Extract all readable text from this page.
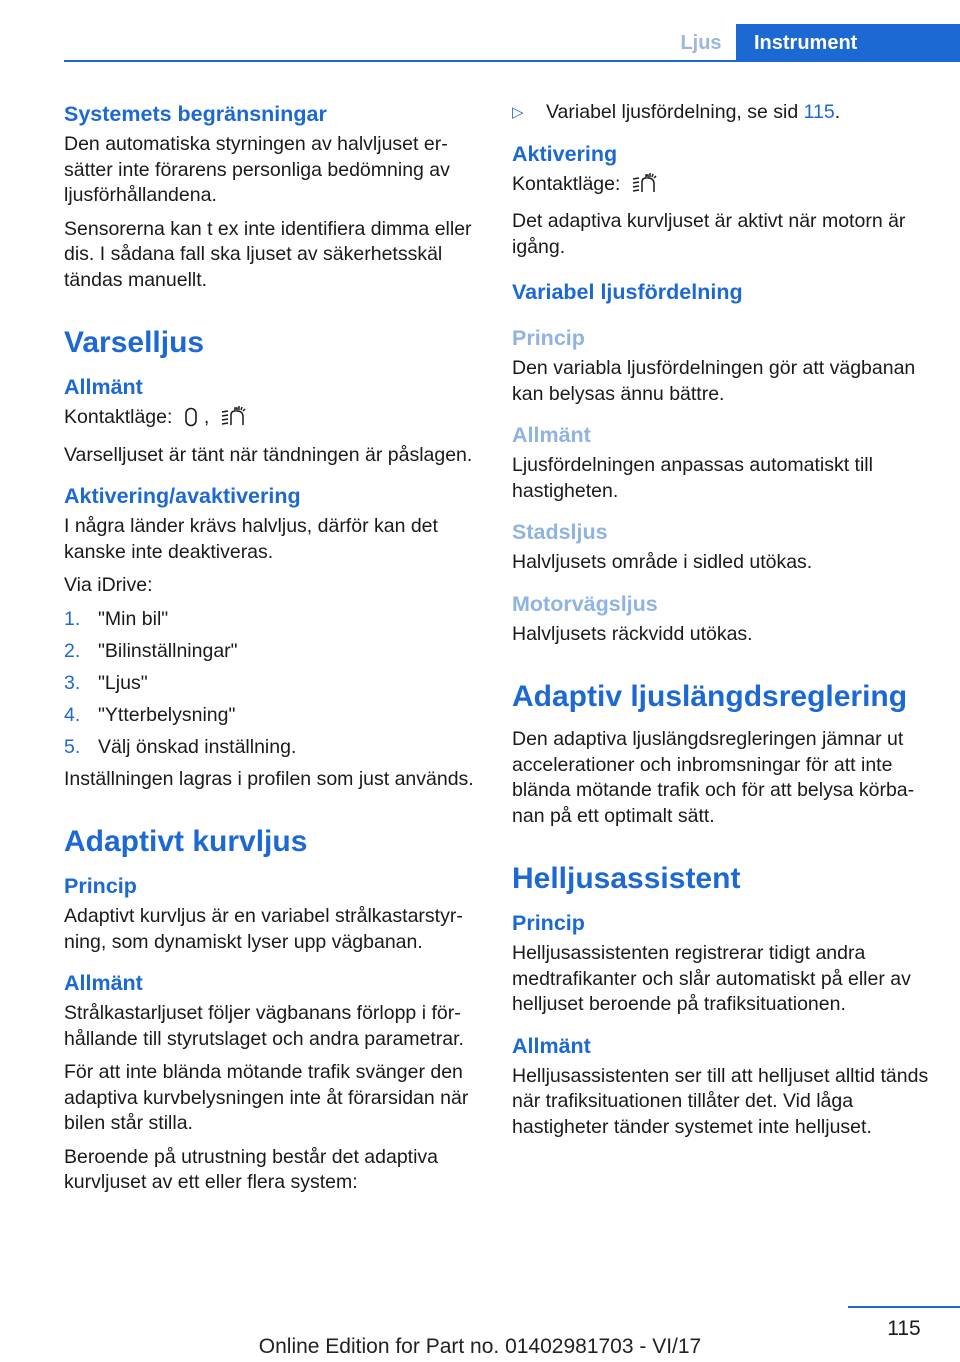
Ljus	Instrument
Systemets begränsningar

Den automatiska styrningen av halvljuset ersätter inte förarens personliga bedömning av ljusförhållandena.

Sensorerna kan t ex inte identifiera dimma eller dis. I sådana fall ska ljuset av säkerhetsskäl tändas manuellt.

Varselljus
Allmänt

Kontaktläge: ,

Varselljuset är tänt när tändningen är påslagen.

Aktivering/avaktivering

I några länder krävs halvljus, därför kan det kanske inte deaktiveras.

Via iDrive:

1. "Min bil"
2. "Bilinställningar"
3. "Ljus"
4. "Ytterbelysning"
5. Välj önskad inställning.

Inställningen lagras i profilen som just används.

Adaptivt kurvljus
Princip

Adaptivt kurvljus är en variabel strålkastarstyrning, som dynamiskt lyser upp vägbanan.

Allmänt

Strålkastarljuset följer vägbanans förlopp i förhållande till styrutslaget och andra parametrar.

För att inte blända mötande trafik svänger den adaptiva kurvbelysningen inte åt förarsidan när bilen står stilla.

Beroende på utrustning består det adaptiva kurvljuset av ett eller flera system:

▷	Variabel ljusfördelning, se sid 115.
Aktivering

Kontaktläge:

Det adaptiva kurvljuset är aktivt när motorn är igång.

Variabel ljusfördelning
Princip

Den variabla ljusfördelningen gör att vägbanan kan belysas ännu bättre.

Allmänt

Ljusfördelningen anpassas automatiskt till hastigheten.

Stadsljus

Halvljusets område i sidled utökas.

Motorvägsljus

Halvljusets räckvidd utökas.

Adaptiv ljuslängdsreglering

Den adaptiva ljuslängdsregleringen jämnar ut accelerationer och inbromsningar för att inte blända mötande trafik och för att belysa körbanan på ett optimalt sätt.

Helljusassistent
Princip

Helljusassistenten registrerar tidigt andra medtrafikanter och slår automatiskt på eller av helljuset beroende på trafiksituationen.

Allmänt

Helljusassistenten ser till att helljuset alltid tänds när trafiksituationen tillåter det. Vid låga hastigheter tänder systemet inte helljuset.

115
Online Edition for Part no. 01402981703 - VI/17
